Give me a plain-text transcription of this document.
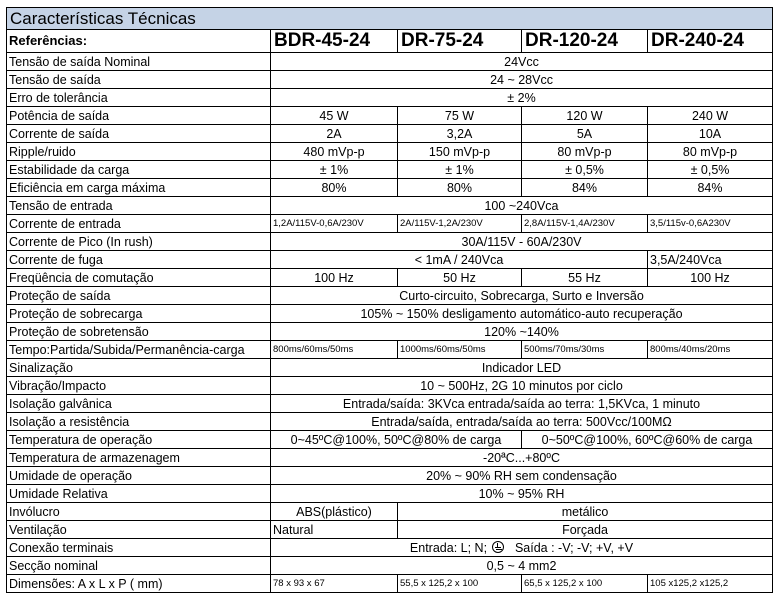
Características Técnicas				
Referências:	BDR-45-24	DR-75-24	DR-120-24	DR-240-24
Tensão de saída Nominal	24Vcc			
Tensão de saída	24 ~ 28Vcc			
Erro de tolerância	± 2%			
Potência de saída	45 W	75 W	120 W	240 W
Corrente de saída	2A	3,2A	5A	10A
Ripple/ruido	480 mVp-p	150 mVp-p	80 mVp-p	80 mVp-p
Estabilidade da carga	± 1%	± 1%	± 0,5%	± 0,5%
Eficiência em carga máxima	80%	80%	84%	84%
Tensão de entrada	100 ~240Vca			
Corrente de entrada	1,2A/115V-0,6A/230V	2A/115V-1,2A/230V	2,8A/115V-1,4A/230V	3,5/115v-0,6A230V
Corrente de Pico (In rush)	30A/115V - 60A/230V			
Corrente de fuga	< 1mA / 240Vca			3,5A/240Vca
Freqüência de comutação	100 Hz	50 Hz	55 Hz	100 Hz
Proteção de saída	Curto-circuito, Sobrecarga, Surto e Inversão			
Proteção de sobrecarga	105% ~ 150% desligamento automático-auto recuperação			
Proteção de sobretensão	120% ~140%			
Tempo:Partida/Subida/Permanência-carga	800ms/60ms/50ms	1000ms/60ms/50ms	500ms/70ms/30ms	800ms/40ms/20ms
Sinalização	Indicador LED			
Vibração/Impacto	10 ~ 500Hz, 2G 10 minutos por ciclo			
Isolação galvânica	Entrada/saída: 3KVca entrada/saída ao terra: 1,5KVca, 1 minuto			
Isolação a resistência	Entrada/saída, entrada/saída ao terra: 500Vcc/100MΩ			
Temperatura de operação	0~45ºC@100%, 50ºC@80% de carga		0~50ºC@100%, 60ºC@60% de carga	
Temperatura de armazenagem	-20ªC...+80ºC			
Umidade de operação	20% ~ 90% RH sem condensação			
Umidade Relativa	10% ~ 95% RH			
Invólucro	ABS(plástico)	metálico		
Ventilação	Natural	Forçada		
Conexão terminais	Entrada: L; N; Saída : -V; -V; +V, +V			
Secção nominal	0,5 ~ 4 mm2			
Dimensões: A x L x P ( mm)	78 x 93 x 67	55,5 x 125,2 x 100	65,5 x 125,2 x 100	105 x125,2 x125,2
